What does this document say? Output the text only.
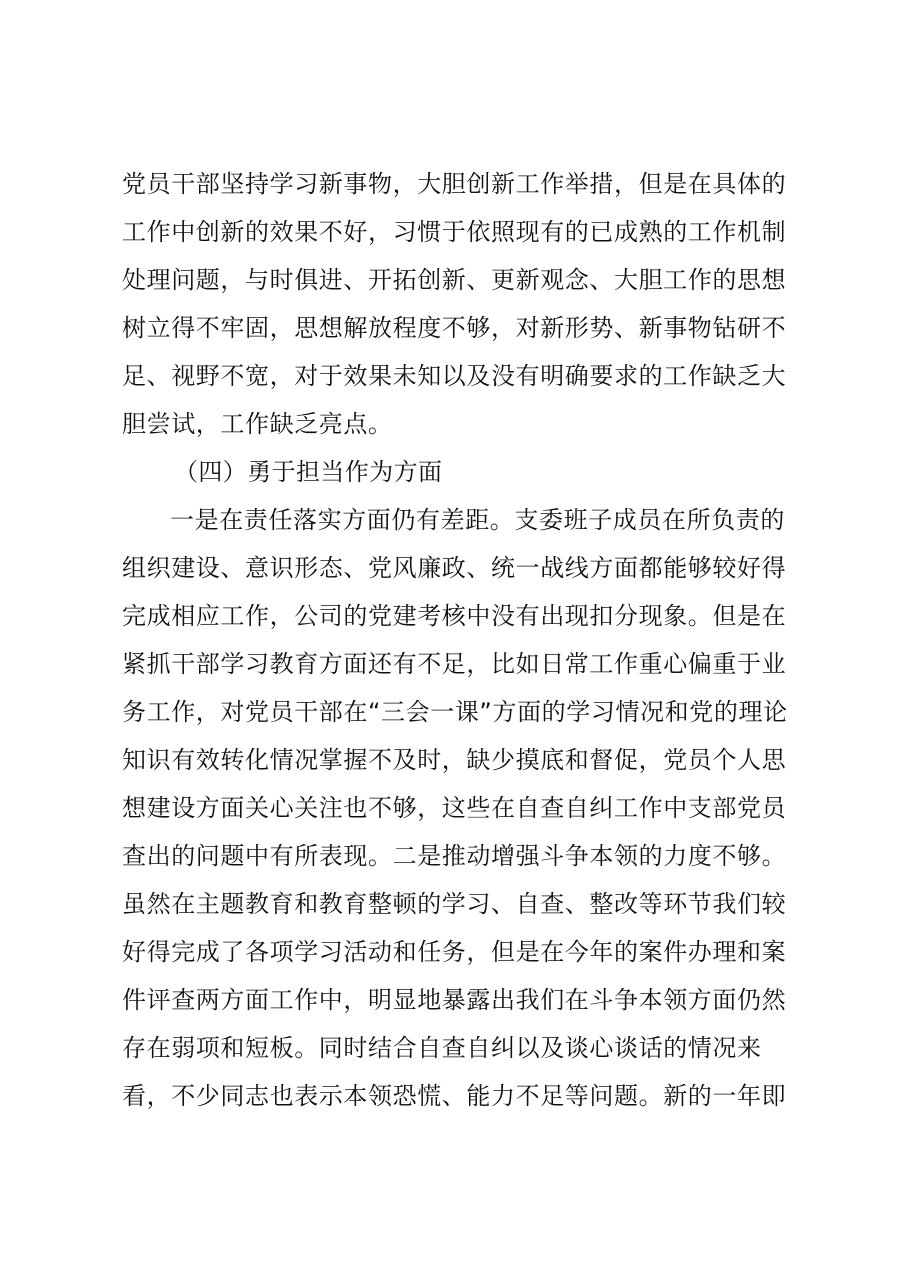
党员干部坚持学习新事物，大胆创新工作举措，但是在具体的
工作中创新的效果不好，习惯于依照现有的已成熟的工作机制
处理问题，与时俱进、开拓创新、更新观念、大胆工作的思想
树立得不牢固，思想解放程度不够，对新形势、新事物钻研不
足、视野不宽，对于效果未知以及没有明确要求的工作缺乏大
胆尝试，工作缺乏亮点。
（四）勇于担当作为方面
一是在责任落实方面仍有差距。支委班子成员在所负责的
组织建设、意识形态、党风廉政、统一战线方面都能够较好得
完成相应工作，公司的党建考核中没有出现扣分现象。但是在
紧抓干部学习教育方面还有不足，比如日常工作重心偏重于业
务工作，对党员干部在“三会一课”方面的学习情况和党的理论
知识有效转化情况掌握不及时，缺少摸底和督促，党员个人思
想建设方面关心关注也不够，这些在自查自纠工作中支部党员
查出的问题中有所表现。二是推动增强斗争本领的力度不够。
虽然在主题教育和教育整顿的学习、自查、整改等环节我们较
好得完成了各项学习活动和任务，但是在今年的案件办理和案
件评查两方面工作中，明显地暴露出我们在斗争本领方面仍然
存在弱项和短板。同时结合自查自纠以及谈心谈话的情况来
看，不少同志也表示本领恐慌、能力不足等问题。新的一年即
